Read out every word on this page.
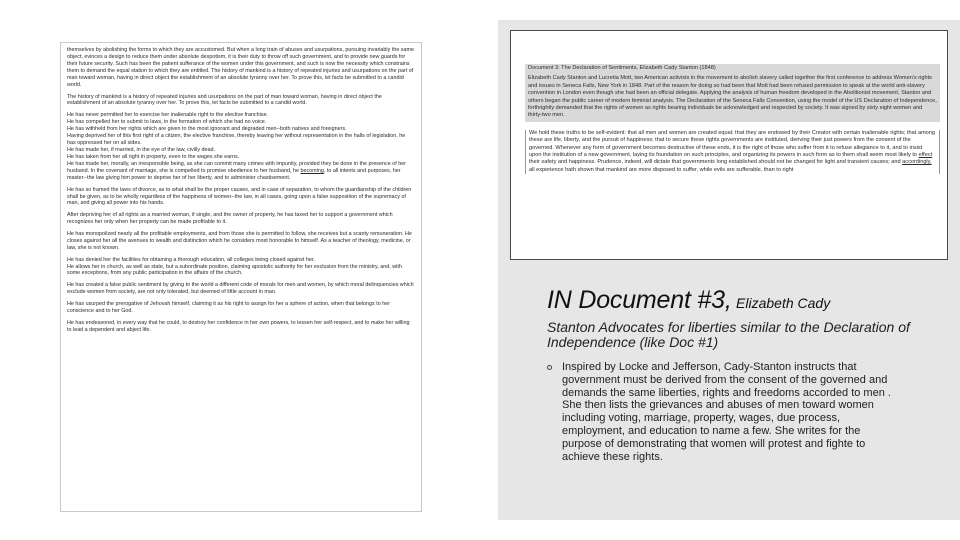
themselves by abolishing the forms to which they are accustomed. But when a long train of abuses and usurpations, pursuing invariably the same object, evinces a design to reduce them under absolute despotism, it is their duty to throw off such government, and to provide new guards for their future security. Such has been the patient sufferance of the women under this government, and such is now the necessity which constrains them to demand the equal station to which they are entitled. The history of mankind is a history of repeated injuries and usurpations on the part of man toward woman, having in direct object the establishment of an absolute tyranny over her. To prove this, let facts be submitted to a candid world.

The history of mankind is a history of repeated injuries and usurpations on the part of man toward woman, having in direct object the establishment of an absolute tyranny over her. To prove this, let facts be submitted to a candid world.

He has never permitted her to exercise her inalienable right to the elective franchise.

He has compelled her to submit to laws, in the formation of which she had no voice.

He has withheld from her rights which are given to the most ignorant and degraded men--both natives and foreigners.

Having deprived her of this first right of a citizen, the elective franchise, thereby leaving her without representation in the halls of legislation, he has oppressed her on all sides.

He has made her, if married, in the eye of the law, civilly dead.

He has taken from her all right in property, even to the wages she earns.

He has made her, morally, an irresponsible being, as she can commit many crimes with impunity, provided they be done in the presence of her husband. In the covenant of marriage, she is compelled to promise obedience to her husband, he becoming, to all intents and purposes, her master--the law giving him power to deprive her of her liberty, and to administer chastisement.

He has so framed the laws of divorce, as to what shall be the proper causes, and in case of separation, to whom the guardianship of the children shall be given, as to be wholly regardless of the happiness of women--the law, in all cases, going upon a false supposition of the supremacy of man, and giving all power into his hands.

After depriving her of all rights as a married woman, if single, and the owner of property, he has taxed her to support a government which recognizes her only when her property can be made profitable to it.

He has monopolized nearly all the profitable employments, and from those she is permitted to follow, she receives but a scanty remuneration. He closes against her all the avenues to wealth and distinction which he considers most honorable to himself. As a teacher of theology, medicine, or law, she is not known.

He has denied her the facilities for obtaining a thorough education, all colleges being closed against her.

He allows her in church, as well as state, but a subordinate position, claiming apostolic authority for her exclusion from the ministry, and, with some exceptions, from any public participation in the affairs of the church.

He has created a false public sentiment by giving to the world a different code of morals for men and women, by which moral delinquencies which exclude women from society, are not only tolerated, but deemed of little account in man.

He has usurped the prerogative of Jehovah himself, claiming it as his right to assign for her a sphere of action, when that belongs to her conscience and to her God.

He has endeavored, in every way that he could, to destroy her confidence in her own powers, to lessen her self-respect, and to make her willing to lead a dependent and abject life.

Document 3: The Declaration of Sentiments, Elizabeth Cady Stanton (1848)
Elizabeth Cady Stanton and Lucretia Mott, two American activists in the movement to abolish slavery called together the first conference to address Women's rights and issues in Seneca Falls, New York in 1848. Part of the reason for doing so had been that Mott had been refused permission to speak at the world anti-slavery convention in London even though she had been an official delegate. Applying the analysis of human freedom developed in the Abolitionist movement, Stanton and others began the public career of modern feminist analysis. The Declaration of the Seneca Falls Convention, using the model of the US Declaration of Independence, forthrightly demanded that the rights of women as rights bearing individuals be acknowledged and respected by society. It was signed by sixty eight women and thirty-two men.
We hold these truths to be self-evident: that all men and women are created equal; that they are endowed by their Creator with certain inalienable rights; that among these are life, liberty, and the pursuit of happiness; that to secure these rights governments are instituted, deriving their just powers from the consent of the governed. Whenever any form of government becomes destructive of these ends, it is the right of those who suffer from it to refuse allegiance to it, and to insist upon the institution of a new government, laying its foundation on such principles, and organizing its powers in such form as to them shall seem most likely to effect their safety and happiness. Prudence, indeed, will dictate that governments long established should not be changed for light and transient causes; and accordingly, all experience hath shown that mankind are more disposed to suffer, while evils are sufferable, than to right
IN Document #3, Elizabeth Cady
Stanton Advocates for liberties similar to the Declaration of Independence (like Doc #1)
Inspired by Locke and Jefferson, Cady-Stanton instructs that government must be derived from the consent of the governed and demands the same liberties, rights and freedoms accorded to men . She then lists the grievances and abuses of men toward women including voting, marriage, property, wages, due process, employment, and education to name a few. She writes for the purpose of demonstrating that women will protest and fighte to achieve these rights.
